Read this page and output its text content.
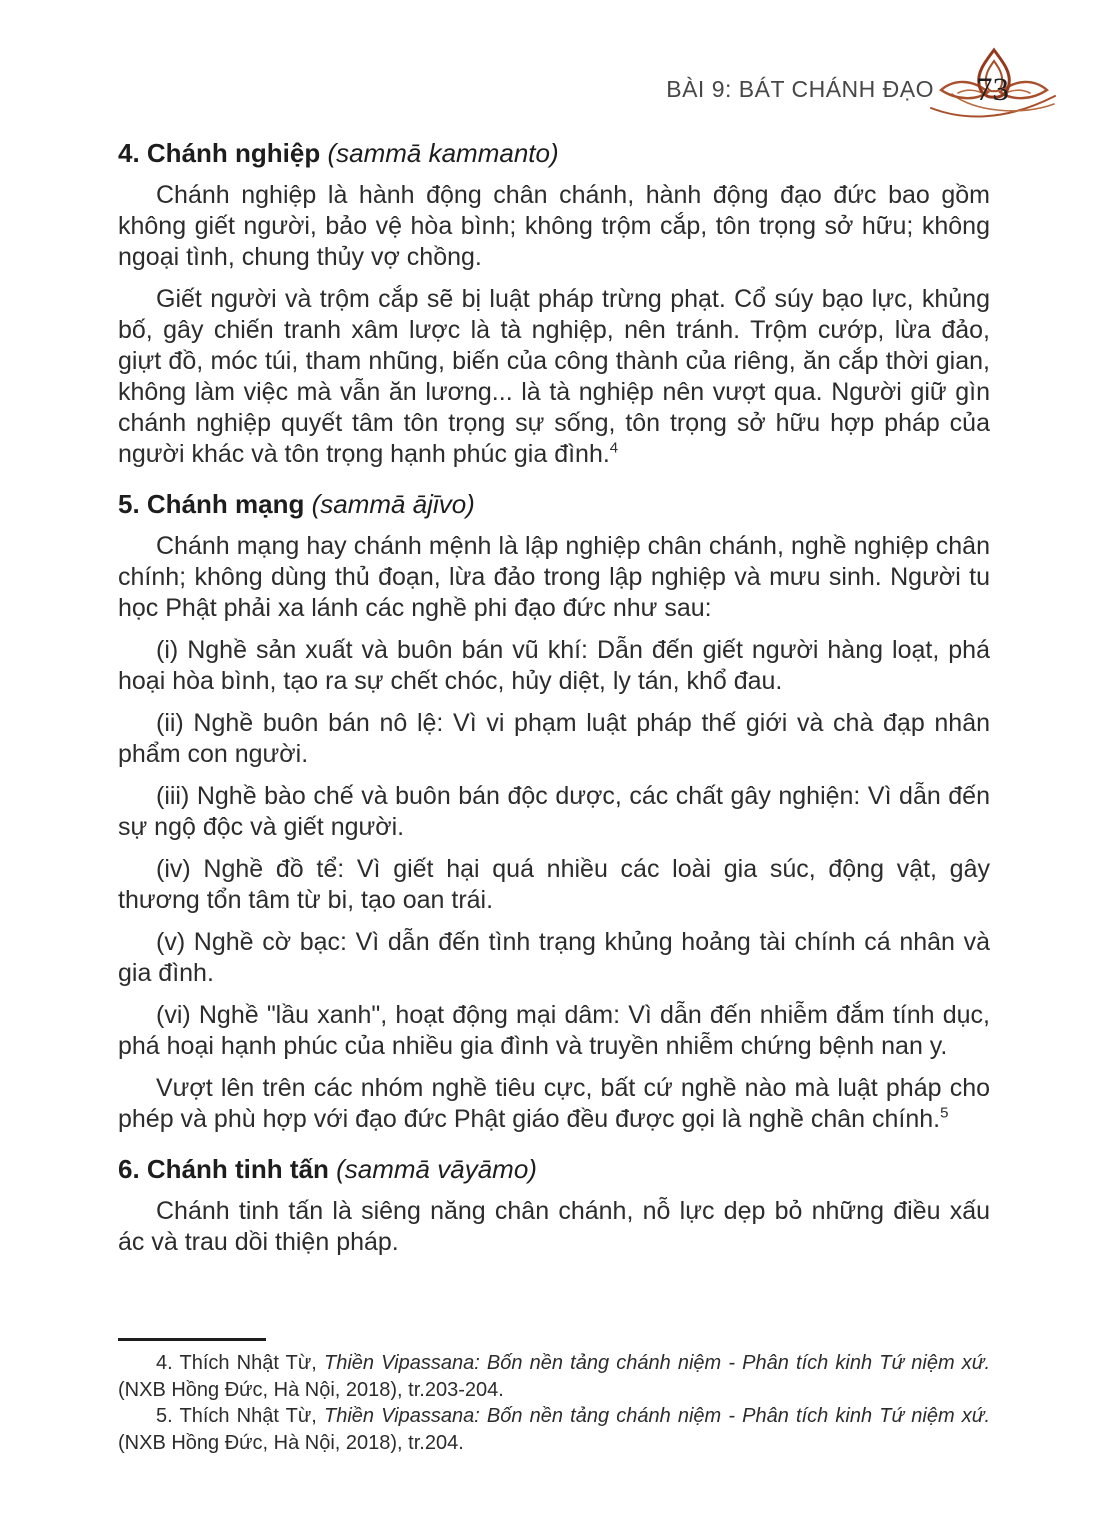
BÀI 9: BÁT CHÁNH ĐẠO 73
4. Chánh nghiệp (sammā kammanto)

Chánh nghiệp là hành động chân chánh, hành động đạo đức bao gồm không giết người, bảo vệ hòa bình; không trộm cắp, tôn trọng sở hữu; không ngoại tình, chung thủy vợ chồng.

Giết người và trộm cắp sẽ bị luật pháp trừng phạt. Cổ súy bạo lực, khủng bố, gây chiến tranh xâm lược là tà nghiệp, nên tránh. Trộm cướp, lừa đảo, giựt đồ, móc túi, tham nhũng, biến của công thành của riêng, ăn cắp thời gian, không làm việc mà vẫn ăn lương... là tà nghiệp nên vượt qua. Người giữ gìn chánh nghiệp quyết tâm tôn trọng sự sống, tôn trọng sở hữu hợp pháp của người khác và tôn trọng hạnh phúc gia đình.$^4$

5. Chánh mạng (sammā ājīvo)

Chánh mạng hay chánh mệnh là lập nghiệp chân chánh, nghề nghiệp chân chính; không dùng thủ đoạn, lừa đảo trong lập nghiệp và mưu sinh. Người tu học Phật phải xa lánh các nghề phi đạo đức như sau:

(i) Nghề sản xuất và buôn bán vũ khí: Dẫn đến giết người hàng loạt, phá hoại hòa bình, tạo ra sự chết chóc, hủy diệt, ly tán, khổ đau.

(ii) Nghề buôn bán nô lệ: Vì vi phạm luật pháp thế giới và chà đạp nhân phẩm con người.

(iii) Nghề bào chế và buôn bán độc dược, các chất gây nghiện: Vì dẫn đến sự ngộ độc và giết người.

(iv) Nghề đồ tể: Vì giết hại quá nhiều các loài gia súc, động vật, gây thương tổn tâm từ bi, tạo oan trái.

(v) Nghề cờ bạc: Vì dẫn đến tình trạng khủng hoảng tài chính cá nhân và gia đình.

(vi) Nghề "lầu xanh", hoạt động mại dâm: Vì dẫn đến nhiễm đắm tính dục, phá hoại hạnh phúc của nhiều gia đình và truyền nhiễm chứng bệnh nan y.

Vượt lên trên các nhóm nghề tiêu cực, bất cứ nghề nào mà luật pháp cho phép và phù hợp với đạo đức Phật giáo đều được gọi là nghề chân chính.$^5$

6. Chánh tinh tấn (sammā vāyāmo)

Chánh tinh tấn là siêng năng chân chánh, nỗ lực dẹp bỏ những điều xấu ác và trau dồi thiện pháp.

4. Thích Nhật Từ, Thiền Vipassana: Bốn nền tảng chánh niệm - Phân tích kinh Tứ niệm xứ. (NXB Hồng Đức, Hà Nội, 2018), tr.203-204.

5. Thích Nhật Từ, Thiền Vipassana: Bốn nền tảng chánh niệm - Phân tích kinh Tứ niệm xứ. (NXB Hồng Đức, Hà Nội, 2018), tr.204.
